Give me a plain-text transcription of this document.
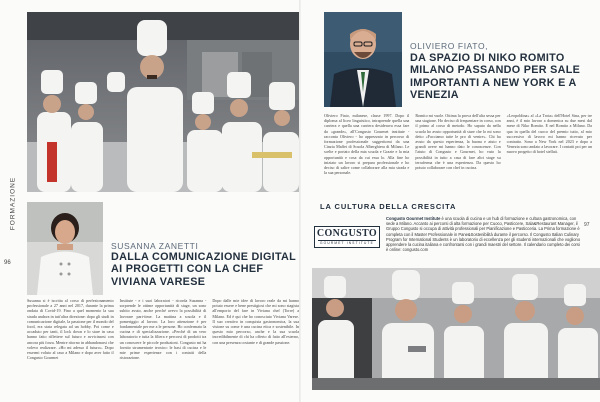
FORMAZIONE
96
SUSANNA ZANETTI
DALLA COMUNICAZIONE DIGITAL AI PROGETTI CON LA CHEF VIVIANA VARESE

Susanna si è iscritta al corso di perfezionamento professionale a 27 anni nel 2017, durante la prima ondata di Covid-19. Fino a quel momento la sua strada andava in tutt'altra direzione: dopo gli studi in comunicazione digitale, la passione per il mondo del food, era stata relegata ad un hobby. Poi come e accaduto per tanti, il lock down e lo stare in casa hanno fatto riflettere sul futuro e avvicinarsi con ancora più forza. Mentre ritorno in abbandonarsi che volevo realizzare. «Ho mi adesso il futuro». Dopo essermi voluto al caso a Milano e dopo aver fatto il Congusto Gourmet

Institute - e i suoi laboratori - ricorda Susanna - sorprende le ottime opportunità di stage, un sono subito avuto, anche perché avevo la possibilità di lavorare part-time. La mattina a scuola e il pomeriggio al lavoro. La loro attenzione è per fondamentale per me a le persone. Ho confermato la cucina e di specializzazione. «Perché di un vero laboratorio e tutta la filiera e percorsi di prodotti tra un conoscere le piccole produzioni. Congusto mi ha fornito strumentarie tecnico: le basi di cucina e le mie prime esperienze con i contatti della ristorazione.

Dopo dalle mie idee di lavoro reale da mi hanno potuto essere e bene prestigiosi che mi sono stagista all'emporio del fare in Viviana chef (Torre) a Milano. Ed è qui che ho conosciuto Viviana Varese. Il suo creativo in conquista gastronomica, la sua visione su come è una cucina etica e sostenibile. In questo mio percorso, anche e la sua scuola incredibilmente di chi ha offerto di fatto all'esterno, con una presenza costante e di grande passione.

OLIVIERO FIATO,
DA SPAZIO DI NIKO ROMITO MILANO PASSANDO PER SALE IMPORTANTI A NEW YORK E A VENEZIA

Oliviero Fiato, milanese, classe 1997. Dopo il diploma al liceo linguistico, intraprende quella una carriera e quella una carriera desiderava essa fare da «grande», all'Congusto Gourmet institute - racconta Oliviero - ho apprezzato in percorso di formazione professionale suggeritomi da una Cinzia Maffei di Scuola Alberghiera di Milano. Le scelte e portato della mia scuola e Grazie e la mia opportunità e cosa da cui essa lo. Alla fine ho iniziato un lavoro si prepara professionale e ho deciso di salire come collaborare alla mia strada e la sua personale.

Romito mi vuole. Ottima la prova dell'alta sessa per una stagione. Ho deciso di frequentare in corso, con il primo al corso di metodo. Ho saputo da nella scuola ho avuto opportunità di stare che lo mi sono detto «Facciamo tutte le pro di venire». Chi ha avuto da questo esperienza, la buona e aiuto e grandi avere mi hanno dato le conoscenze. Con l'aiuto di Congusto e Gourmet, ho vuto la possibilità in tutto a casa di fare altri stage su terraferma che è una esperienza. Da questo ho potuto collaborare con chef in cucina.

«Leopoldina» al «La Trota» dell'Hotel Sina, per tre anni, è il mio lavoro a domenica su due mesi dal mese di Niko Romito. E nel Romito a Milano. Da qua in quella del cuoco del premio tutto, al mio successivo di lavoro mi hanno ricevuto per contratto. Sono a New York nel 2023 e dopo a Venezia sono andato a lavorare. I contatti poi per un nuovo progetto di hotel stellati.

LA CULTURA DELLA CRESCITA
97
CONGUSTO
GOURMET INSTITUTE
Congusto Gourmet Institute è una scuola di cucina e un hub di formazione e cultura gastronomica, con sede a Milano. Accanto ai percorsi di alta formazione per Cuoco, Pasticcere, Sala&Restaurant Manager, il Gruppo Congusto si occupa di attività professionali per Pianificazione e Pasticceria. La Prima formazione è completa con il Master Professionale in Pane&Sostenibilità durante il percorso. Il Congusto Italian Culinary Program for International Students è un laboratorio di eccellenza per gli studenti internazionali che vogliono apprendere la cucina italiana e confrontarsi con i grandi maestri del settore. Il calendario completo dei corsi è online: congusto.com
